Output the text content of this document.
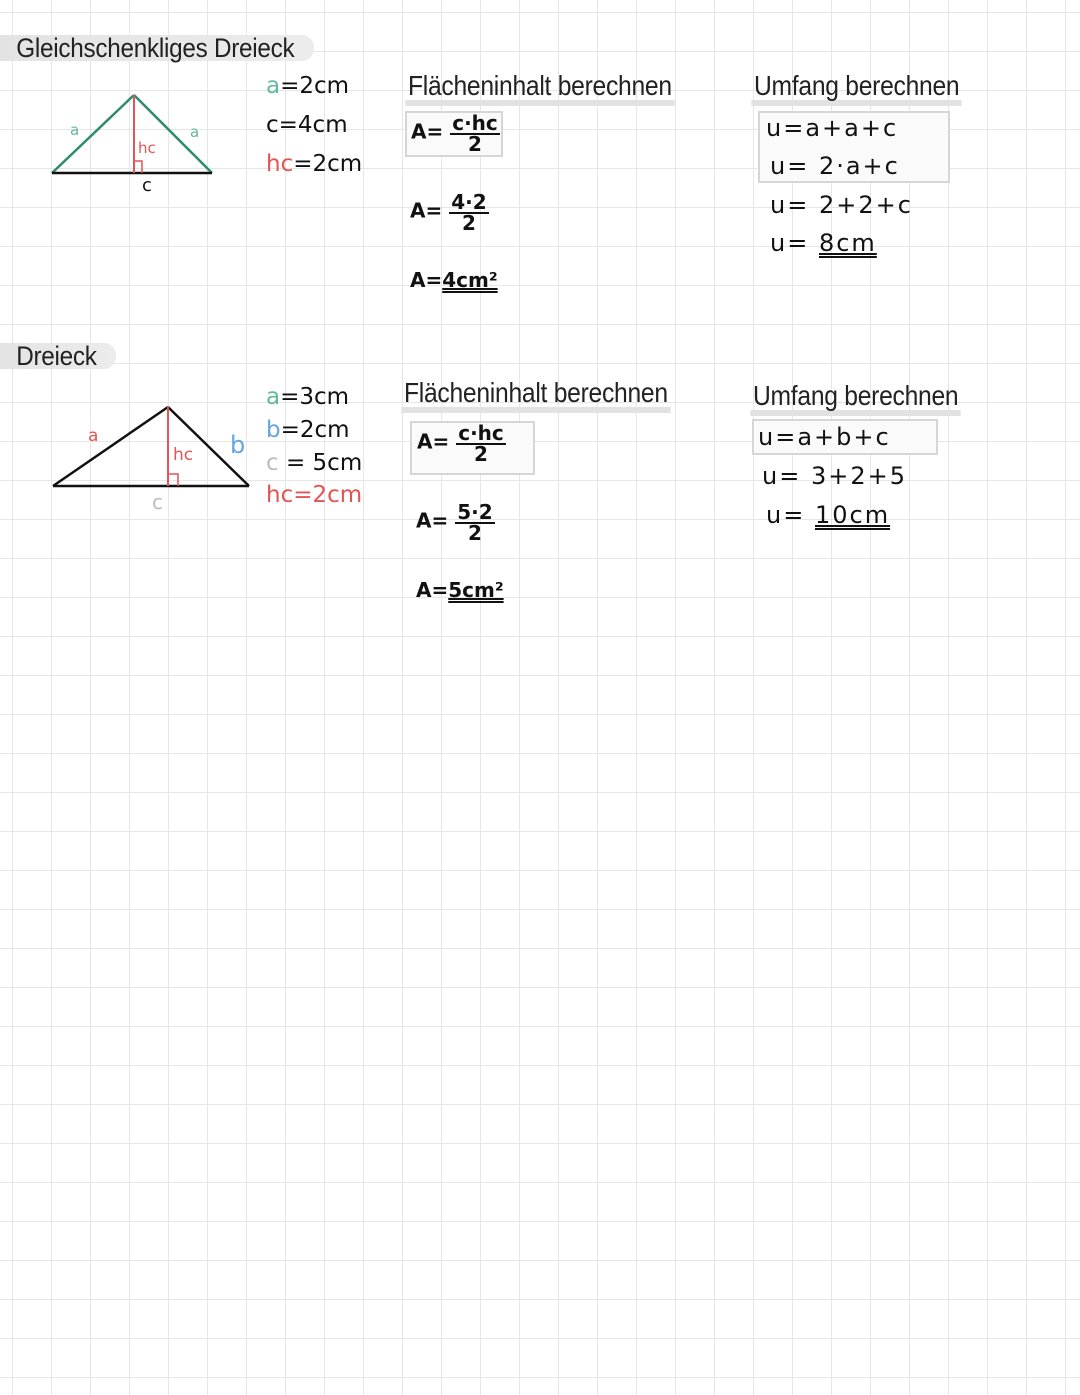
Gleichschenkliges Dreieck
a	a
hc
c
a=2cm
c=4cm
hc=2cm
Flächeninhalt berechnen
$A= \frac{c\cdot hc}{2}$
$A= \frac{4\cdot 2}{2}$
A=4cm²
Umfang berechnen
u=a+a+c
u= 2·a+c
u= 2+2+c
u= 8cm
Dreieck
a	b
hc
c
a=3cm
b=2cm
c = 5cm
hc=2cm
Flächeninhalt berechnen
$A= \frac{c\cdot hc}{2}$
$A= \frac{5\cdot 2}{2}$
A=5cm²
Umfang berechnen
u=a+b+c
u= 3+2+5
u= 10cm
